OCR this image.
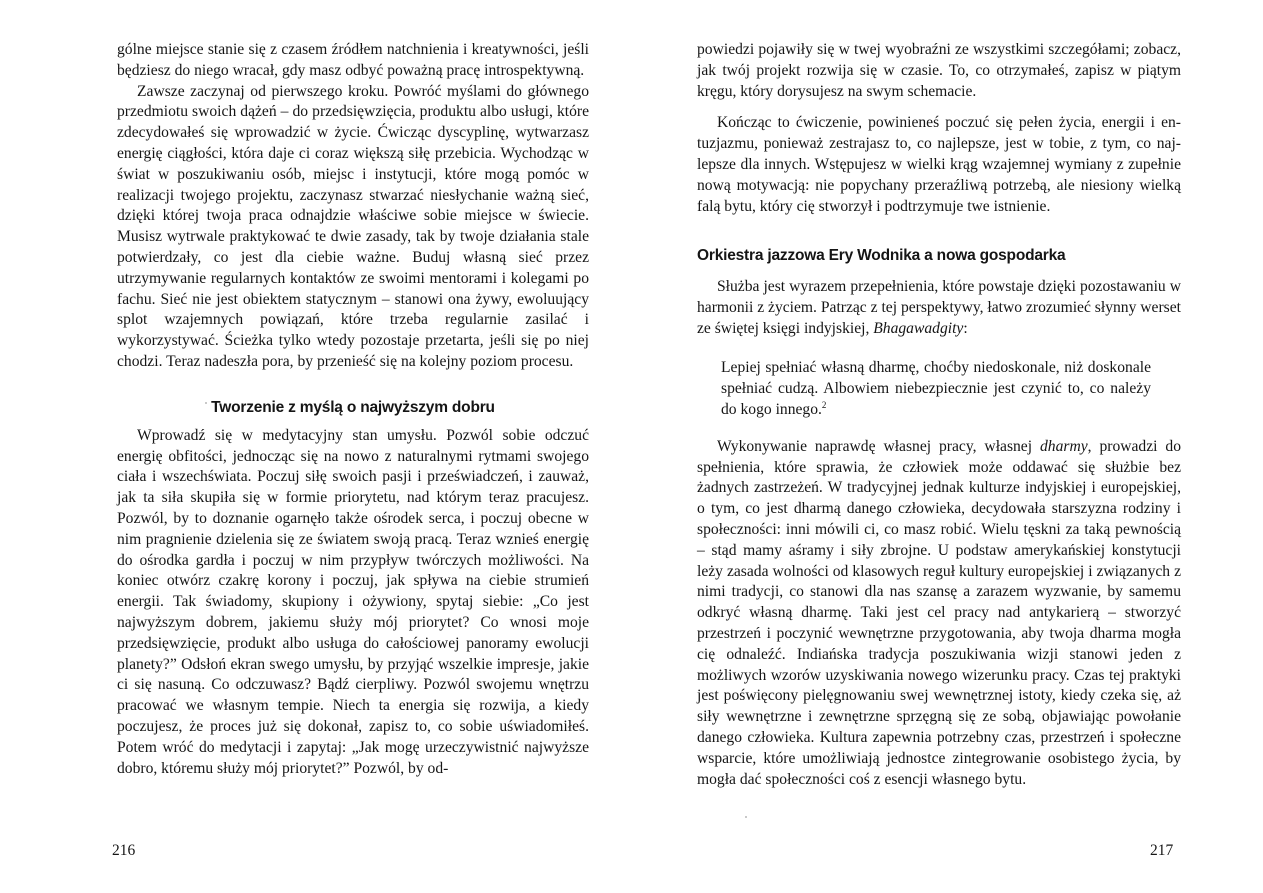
gólne miejsce stanie się z czasem źródłem natchnienia i kreatywności, jeśli będziesz do niego wracał, gdy masz odbyć poważną pracę introspektywną.

Zawsze zaczynaj od pierwszego kroku. Powróć myślami do głównego przedmiotu swoich dążeń – do przedsięwzięcia, produktu albo usługi, które zdecydowałeś się wprowadzić w życie. Ćwicząc dyscyplinę, wytwarzasz energię ciągłości, która daje ci coraz większą siłę przebicia. Wychodząc w świat w poszukiwaniu osób, miejsc i instytucji, które mogą pomóc w realizacji twojego projektu, zaczynasz stwarzać niesłychanie ważną sieć, dzięki której twoja praca odnajdzie właściwe sobie miejsce w świecie. Musisz wytrwale praktykować te dwie zasady, tak by twoje działania stale potwierdzały, co jest dla ciebie ważne. Buduj własną sieć przez utrzymywanie regularnych kontaktów ze swoimi mentorami i kolegami po fachu. Sieć nie jest obiektem statycznym – stanowi ona żywy, ewoluujący splot wzajemnych powiązań, które trzeba regularnie zasilać i wykorzystywać. Ścieżka tylko wtedy pozostaje przetarta, jeśli się po niej chodzi. Teraz nadeszła pora, by przenieść się na kolejny poziom procesu.

Tworzenie z myślą o najwyższym dobru

Wprowadź się w medytacyjny stan umysłu. Pozwól sobie odczuć energię obfitości, jednocząc się na nowo z naturalnymi rytmami swojego ciała i wszechświata. Poczuj siłę swoich pasji i przeświadczeń, i zauważ, jak ta siła skupiła się w formie priorytetu, nad którym teraz pracujesz. Pozwól, by to doznanie ogarnęło także ośrodek serca, i poczuj obecne w nim pragnienie dzielenia się ze światem swoją pracą. Teraz wznieś energię do ośrodka gardła i poczuj w nim przypływ twórczych możliwości. Na koniec otwórz czakrę korony i poczuj, jak spływa na ciebie strumień energii. Tak świadomy, skupiony i ożywiony, spytaj siebie: „Co jest najwyższym dobrem, jakiemu służy mój priorytet? Co wnosi moje przedsięwzięcie, produkt albo usługa do całościowej panoramy ewolucji planety?” Odsłoń ekran swego umysłu, by przyjąć wszelkie impresje, jakie ci się nasuną. Co odczuwasz? Bądź cierpliwy. Pozwól swojemu wnętrzu pracować we własnym tempie. Niech ta energia się rozwija, a kiedy poczujesz, że proces już się dokonał, zapisz to, co sobie uświadomiłeś. Potem wróć do medytacji i zapytaj: „Jak mogę urzeczywistnić najwyższe dobro, któremu służy mój priorytet?” Pozwól, by od-

powiedzi pojawiły się w twej wyobraźni ze wszystkimi szczegółami; zobacz, jak twój projekt rozwija się w czasie. To, co otrzymałeś, zapisz w piątym kręgu, który dorysujesz na swym schemacie.

Kończąc to ćwiczenie, powinieneś poczuć się pełen życia, energii i entuzjazmu, ponieważ zestrajasz to, co najlepsze, jest w tobie, z tym, co najlepsze dla innych. Wstępujesz w wielki krąg wzajemnej wymiany z zupełnie nową motywacją: nie popychany przeraźliwą potrzebą, ale niesiony wielką falą bytu, który cię stworzył i podtrzymuje twe istnienie.

Orkiestra jazzowa Ery Wodnika a nowa gospodarka

Służba jest wyrazem przepełnienia, które powstaje dzięki pozostawaniu w harmonii z życiem. Patrząc z tej perspektywy, łatwo zrozumieć słynny werset ze świętej księgi indyjskiej, Bhagawadgity:

Lepiej spełniać własną dharmę, choćby niedoskonale, niż doskonale spełniać cudzą. Albowiem niebezpiecznie jest czynić to, co należy do kogo innego.$^2$

Wykonywanie naprawdę własnej pracy, własnej dharmy, prowadzi do spełnienia, które sprawia, że człowiek może oddawać się służbie bez żadnych zastrzeżeń. W tradycyjnej jednak kulturze indyjskiej i europejskiej, o tym, co jest dharmą danego człowieka, decydowała starszyzna rodziny i społeczności: inni mówili ci, co masz robić. Wielu tęskni za taką pewnością – stąd mamy aśramy i siły zbrojne. U podstaw amerykańskiej konstytucji leży zasada wolności od klasowych reguł kultury europejskiej i związanych z nimi tradycji, co stanowi dla nas szansę a zarazem wyzwanie, by samemu odkryć własną dharmę. Taki jest cel pracy nad antykarierą – stworzyć przestrzeń i poczynić wewnętrzne przygotowania, aby twoja dharma mogła cię odnaleźć. Indiańska tradycja poszukiwania wizji stanowi jeden z możliwych wzorów uzyskiwania nowego wizerunku pracy. Czas tej praktyki jest poświęcony pielęgnowaniu swej wewnętrznej istoty, kiedy czeka się, aż siły wewnętrzne i zewnętrzne sprzęgną się ze sobą, objawiając powołanie danego człowieka. Kultura zapewnia potrzebny czas, przestrzeń i społeczne wsparcie, które umożliwiają jednostce zintegrowanie osobistego życia, by mogła dać społeczności coś z esencji własnego bytu.

216	217
